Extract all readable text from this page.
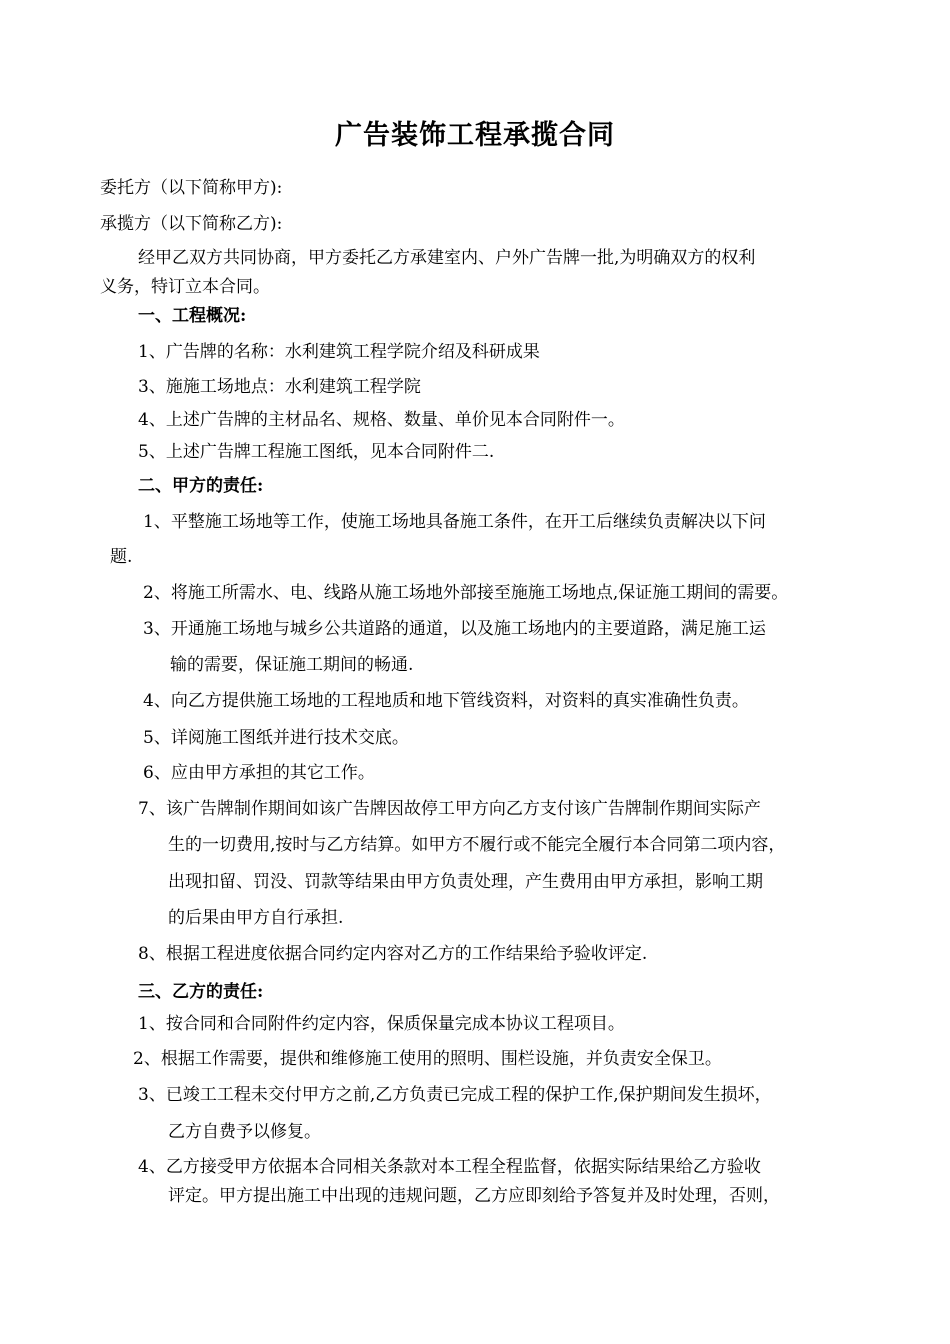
广告装饰工程承揽合同

委托方（以下简称甲方):

承揽方（以下简称乙方):

经甲乙双方共同协商，甲方委托乙方承建室内、户外广告牌一批,为明确双方的权利

义务，特订立本合同。

一、工程概况:

1、广告牌的名称：水利建筑工程学院介绍及科研成果

3、施施工场地点：水利建筑工程学院

4、上述广告牌的主材品名、规格、数量、单价见本合同附件一。

5、上述广告牌工程施工图纸，见本合同附件二.

二、甲方的责任:

1、平整施工场地等工作，使施工场地具备施工条件，在开工后继续负责解决以下问

题.

2、将施工所需水、电、线路从施工场地外部接至施施工场地点,保证施工期间的需要。

3、开通施工场地与城乡公共道路的通道，以及施工场地内的主要道路，满足施工运

输的需要，保证施工期间的畅通.

4、向乙方提供施工场地的工程地质和地下管线资料，对资料的真实准确性负责。

5、详阅施工图纸并进行技术交底。

6、应由甲方承担的其它工作。

7、该广告牌制作期间如该广告牌因故停工甲方向乙方支付该广告牌制作期间实际产

生的一切费用,按时与乙方结算。如甲方不履行或不能完全履行本合同第二项内容，

出现扣留、罚没、罚款等结果由甲方负责处理，产生费用由甲方承担，影响工期

的后果由甲方自行承担.

8、根据工程进度依据合同约定内容对乙方的工作结果给予验收评定.

三、乙方的责任:

1、按合同和合同附件约定内容，保质保量完成本协议工程项目。

2、根据工作需要，提供和维修施工使用的照明、围栏设施，并负责安全保卫。

3、已竣工工程未交付甲方之前,乙方负责已完成工程的保护工作,保护期间发生损坏，

乙方自费予以修复。

4、乙方接受甲方依据本合同相关条款对本工程全程监督，依据实际结果给乙方验收

评定。甲方提出施工中出现的违规问题，乙方应即刻给予答复并及时处理，否则，
